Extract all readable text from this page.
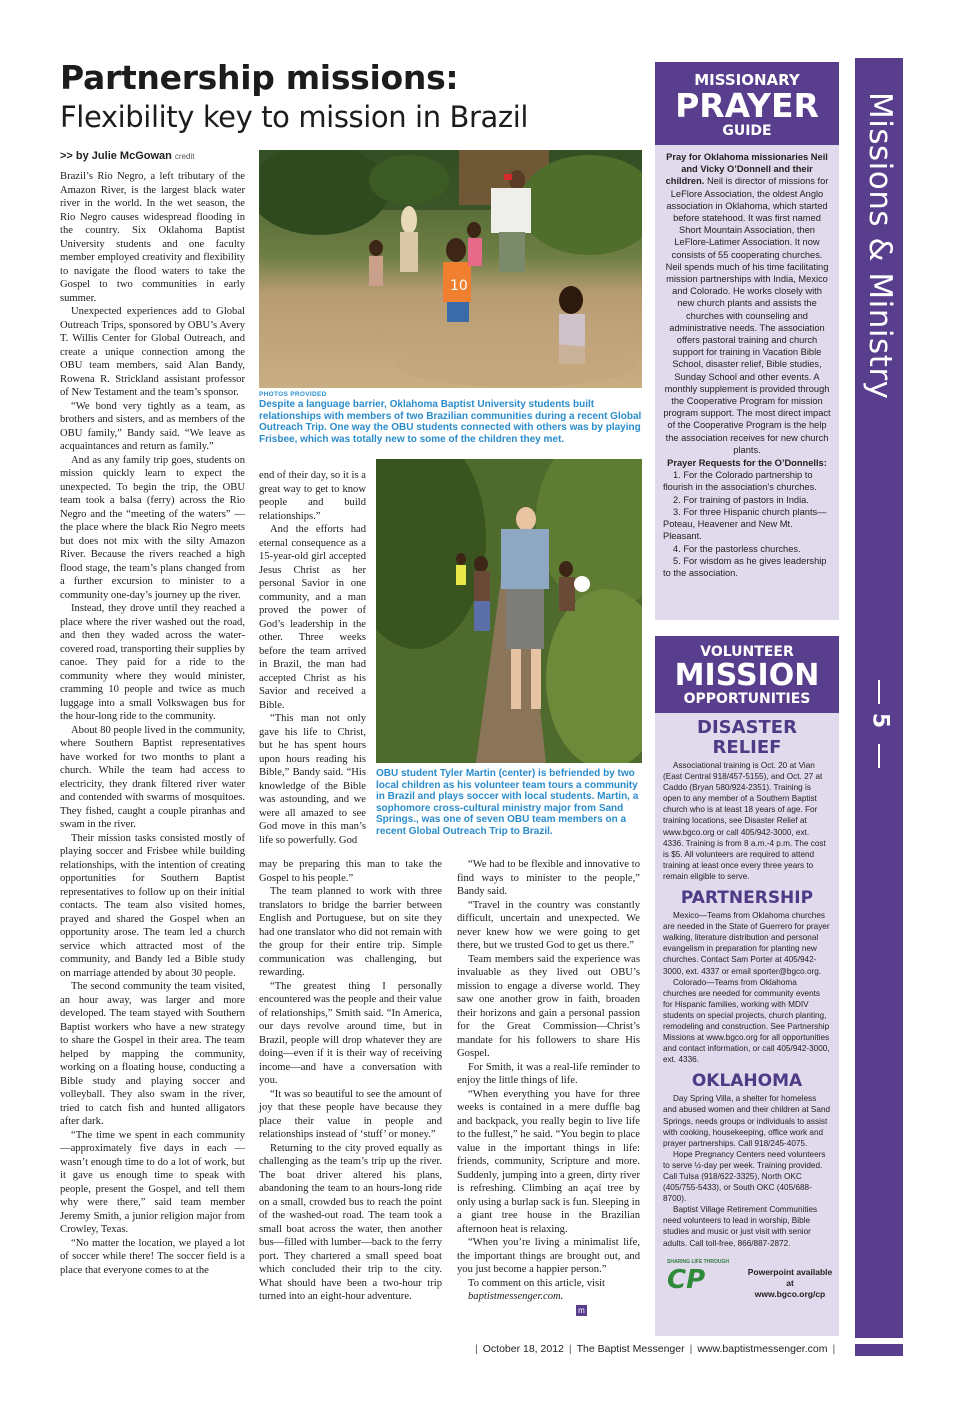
Partnership missions:
Flexibility key to mission in Brazil
>> by Julie McGowan credit

Brazil’s Rio Negro, a left tributary of the Amazon River, is the largest black water river in the world. In the wet season, the Rio Negro causes widespread flooding in the country. Six Oklahoma Baptist University students and one faculty member employed creativity and flexibility to navigate the flood waters to take the Gospel to two communities in early summer.

Unexpected experiences add to Global Outreach Trips, sponsored by OBU’s Avery T. Willis Center for Global Outreach, and create a unique connection among the OBU team members, said Alan Bandy, Rowena R. Strickland assistant professor of New Testament and the team’s sponsor.

“We bond very tightly as a team, as brothers and sisters, and as members of the OBU family,” Bandy said. “We leave as acquaintances and return as family.”

And as any family trip goes, students on mission quickly learn to expect the unexpected. To begin the trip, the OBU team took a balsa (ferry) across the Rio Negro and the “meeting of the waters” —the place where the black Rio Negro meets but does not mix with the silty Amazon River. Because the rivers reached a high flood stage, the team’s plans changed from a further excursion to minister to a community one-day’s journey up the river.

Instead, they drove until they reached a place where the river washed out the road, and then they waded across the water-covered road, transporting their supplies by canoe. They paid for a ride to the community where they would minister, cramming 10 people and twice as much luggage into a small Volkswagen bus for the hour-long ride to the community.

About 80 people lived in the community, where Southern Baptist representatives have worked for two months to plant a church. While the team had access to electricity, they drank filtered river water and contended with swarms of mosquitoes. They fished, caught a couple piranhas and swam in the river.

Their mission tasks consisted mostly of playing soccer and Frisbee while building relationships, with the intention of creating opportunities for Southern Baptist representatives to follow up on their initial contacts. The team also visited homes, prayed and shared the Gospel when an opportunity arose. The team led a church service which attracted most of the community, and Bandy led a Bible study on marriage attended by about 30 people.

The second community the team visited, an hour away, was larger and more developed. The team stayed with Southern Baptist workers who have a new strategy to share the Gospel in their area. The team helped by mapping the community, working on a floating house, conducting a Bible study and playing soccer and volleyball. They also swam in the river, tried to catch fish and hunted alligators after dark.

“The time we spent in each community—approximately five days in each —wasn’t enough time to do a lot of work, but it gave us enough time to speak with people, present the Gospel, and tell them why were there,” said team member Jeremy Smith, a junior religion major from Crowley, Texas.

“No matter the location, we played a lot of soccer while there! The soccer field is a place that everyone comes to at the

10
PHOTOS PROVIDED
Despite a language barrier, Oklahoma Baptist University students built relationships with members of two Brazilian communities during a recent Global Outreach Trip. One way the OBU students connected with others was by playing Frisbee, which was totally new to some of the children they met.
OBU student Tyler Martin (center) is befriended by two local children as his volunteer team tours a community in Brazil and plays soccer with local students. Martin, a sophomore cross-cultural ministry major from Sand Springs., was one of seven OBU team members on a recent Global Outreach Trip to Brazil.

end of their day, so it is a great way to get to know people and build relationships.”

And the efforts had eternal consequence as a 15-year-old girl accepted Jesus Christ as her personal Savior in one community, and a man proved the power of God’s leadership in the other. Three weeks before the team arrived in Brazil, the man had accepted Christ as his Savior and received a Bible.

“This man not only gave his life to Christ, but he has spent hours upon hours reading his Bible,” Bandy said. “His knowledge of the Bible was astounding, and we were all amazed to see God move in this man’s life so powerfully. God

may be preparing this man to take the Gospel to his people.”

The team planned to work with three translators to bridge the barrier between English and Portuguese, but on site they had one translator who did not remain with the group for their entire trip. Simple communication was challenging, but rewarding.

“The greatest thing I personally encountered was the people and their value of relationships,” Smith said. “In America, our days revolve around time, but in Brazil, people will drop whatever they are doing—even if it is their way of receiving income—and have a conversation with you.

“It was so beautiful to see the amount of joy that these people have because they place their value in people and relationships instead of ‘stuff’ or money.”

Returning to the city proved equally as challenging as the team’s trip up the river. The boat driver altered his plans, abandoning the team to an hours-long ride on a small, crowded bus to reach the point of the washed-out road. The team took a small boat across the water, then another bus—filled with lumber—back to the ferry port. They chartered a small speed boat which concluded their trip to the city. What should have been a two-hour trip turned into an eight-hour adventure.

“We had to be flexible and innovative to find ways to minister to the people,” Bandy said.

“Travel in the country was constantly difficult, uncertain and unexpected. We never knew how we were going to get there, but we trusted God to get us there.”

Team members said the experience was invaluable as they lived out OBU’s mission to engage a diverse world. They saw one another grow in faith, broaden their horizons and gain a personal passion for the Great Commission—Christ’s mandate for his followers to share His Gospel.

For Smith, it was a real-life reminder to enjoy the little things of life.

“When everything you have for three weeks is contained in a mere duffle bag and backpack, you really begin to live life to the fullest,” he said. “You begin to place value in the important things in life: friends, community, Scripture and more. Suddenly, jumping into a green, dirty river is refreshing. Climbing an açaí tree by only using a burlap sack is fun. Sleeping in a giant tree house in the Brazilian afternoon heat is relaxing.

“When you’re living a minimalist life, the important things are brought out, and you just become a happier person.”

To comment on this article, visit
baptistmessenger.com.

m
MISSIONARY
PRAYER
GUIDE

Pray for Oklahoma missionaries Neil and Vicky O’Donnell and their children. Neil is director of missions for LeFlore Association, the oldest Anglo association in Oklahoma, which started before statehood. It was first named Short Mountain Association, then LeFlore-Latimer Association. It now consists of 55 cooperating churches. Neil spends much of his time facilitating mission partnerships with India, Mexico and Colorado. He works closely with new church plants and assists the churches with counseling and administrative needs. The association offers pastoral training and church support for training in Vacation Bible School, disaster relief, Bible studies, Sunday School and other events. A monthly supplement is provided through the Cooperative Program for mission program support. The most direct impact of the Cooperative Program is the help the association receives for new church plants.

Prayer Requests for the O’Donnells:

1. For the Colorado partnership to flourish in the association’s churches.

2. For training of pastors in India.

3. For three Hispanic church plants—Poteau, Heavener and New Mt. Pleasant.

4. For the pastorless churches.

5. For wisdom as he gives leadership to the association.

VOLUNTEER
MISSION
OPPORTUNITIES
DISASTER RELIEF

Associational training is Oct. 20 at Vian (East Central 918/457-5155), and Oct. 27 at Caddo (Bryan 580/924-2351). Training is open to any member of a Southern Baptist church who is at least 18 years of age. For training locations, see Disaster Relief at www.bgco.org or call 405/942-3000, ext. 4336. Training is from 8 a.m.-4 p.m. The cost is $5. All volunteers are required to attend training at least once every three years to remain eligible to serve.

PARTNERSHIP

Mexico—Teams from Oklahoma churches are needed in the State of Guerrero for prayer walking, literature distribution and personal evangelism in preparation for planting new churches. Contact Sam Porter at 405/942-3000, ext. 4337 or email sporter@bgco.org.

Colorado—Teams from Oklahoma churches are needed for community events for Hispanic families, working with MDIV students on special projects, church planting, remodeling and construction. See Partnership Missions at www.bgco.org for all opportunities and contact information, or call 405/942-3000, ext. 4336.

OKLAHOMA

Day Spring Villa, a shelter for homeless and abused women and their children at Sand Springs, needs groups or individuals to assist with cooking, housekeeping, office work and prayer partnerships. Call 918/245-4075.

Hope Pregnancy Centers need volunteers to serve ½-day per week. Training provided. Call Tulsa (918/622-3325), North OKC (405/755-5433), or South OKC (405/688-8700).

Baptist Village Retirement Communities need volunteers to lead in worship, Bible studies and music or just visit with senior adults. Call toll-free, 866/887-2872.

SHARING LIFE THROUGH
CP	Powerpoint available at
www.bgco.org/cp
Missions & Ministry
5
| October 18, 2012 | The Baptist Messenger | www.baptistmessenger.com |
